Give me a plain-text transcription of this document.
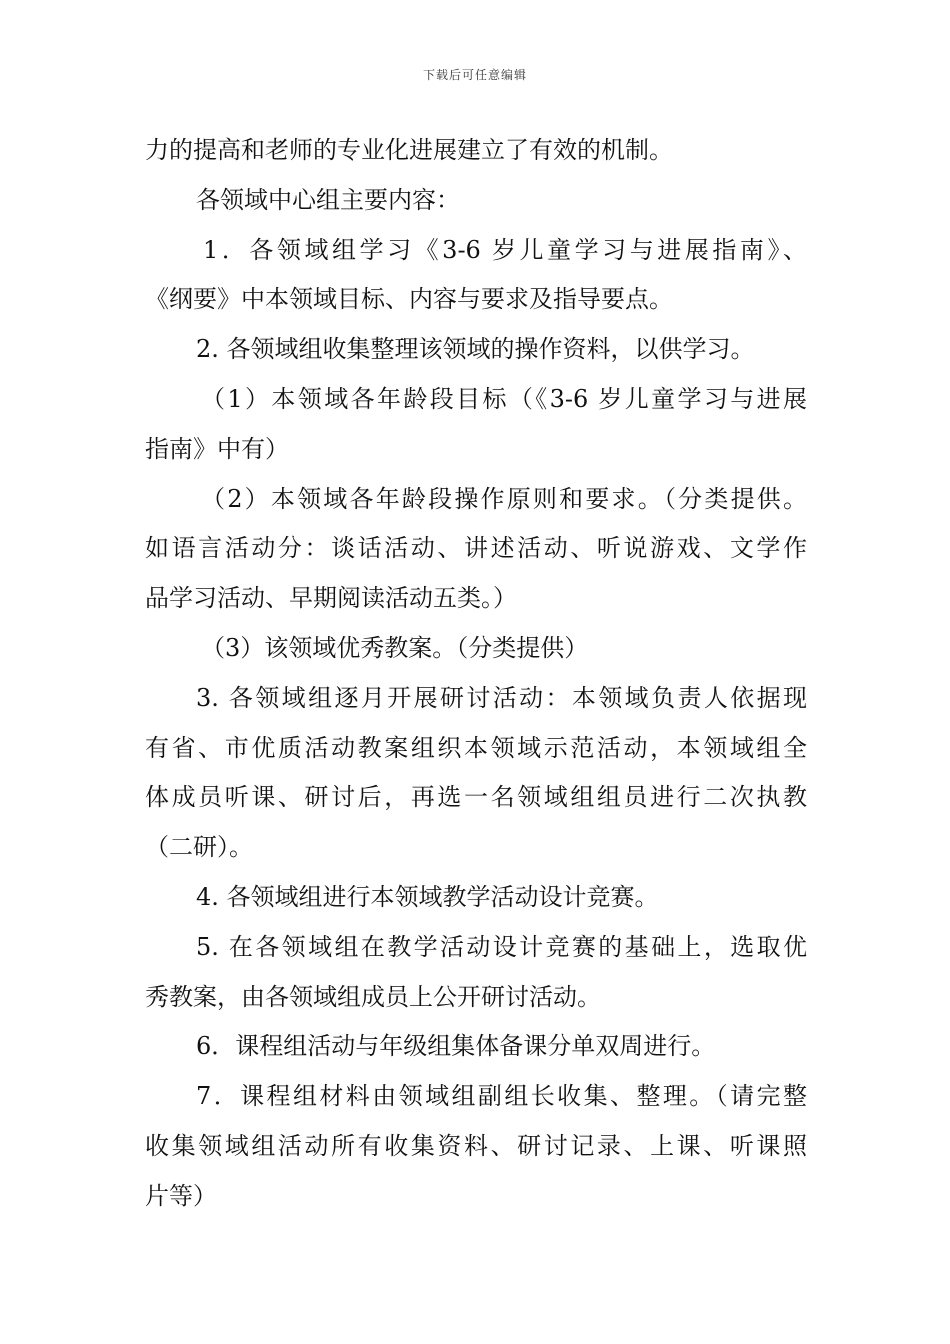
下载后可任意编辑
力的提高和老师的专业化进展建立了有效的机制。
各领域中心组主要内容：
1．各领域组学习《3-6 岁儿童学习与进展指南》、
《纲要》中本领域目标、内容与要求及指导要点。
2. 各领域组收集整理该领域的操作资料，以供学习。
（1）本领域各年龄段目标（《3-6 岁儿童学习与进展
指南》中有）
（2）本领域各年龄段操作原则和要求。（分类提供。
如语言活动分：谈话活动、讲述活动、听说游戏、文学作
品学习活动、早期阅读活动五类。）
（3）该领域优秀教案。（分类提供）
3. 各领域组逐月开展研讨活动：本领域负责人依据现
有省、市优质活动教案组织本领域示范活动，本领域组全
体成员听课、研讨后，再选一名领域组组员进行二次执教
（二研）。
4. 各领域组进行本领域教学活动设计竞赛。
5. 在各领域组在教学活动设计竞赛的基础上，选取优
秀教案，由各领域组成员上公开研讨活动。
6．课程组活动与年级组集体备课分单双周进行。
7．课程组材料由领域组副组长收集、整理。（请完整
收集领域组活动所有收集资料、研讨记录、上课、听课照
片等）
